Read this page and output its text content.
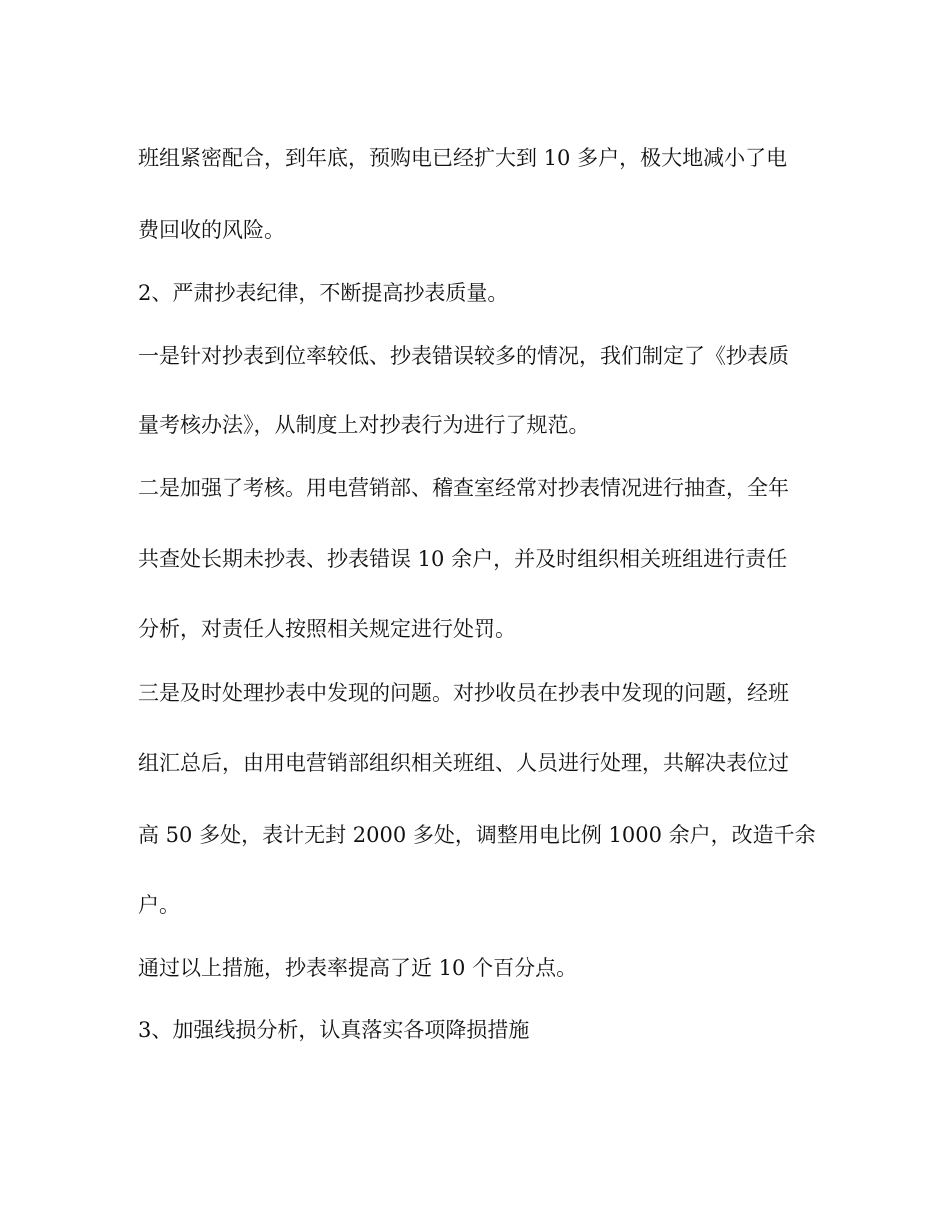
班组紧密配合，到年底，预购电已经扩大到 10 多户，极大地减小了电
费回收的风险。
2、严肃抄表纪律，不断提高抄表质量。
一是针对抄表到位率较低、抄表错误较多的情况，我们制定了《抄表质
量考核办法》，从制度上对抄表行为进行了规范。
二是加强了考核。用电营销部、稽查室经常对抄表情况进行抽查，全年
共查处长期未抄表、抄表错误 10 余户，并及时组织相关班组进行责任
分析，对责任人按照相关规定进行处罚。
三是及时处理抄表中发现的问题。对抄收员在抄表中发现的问题，经班
组汇总后，由用电营销部组织相关班组、人员进行处理，共解决表位过
高 50 多处，表计无封 2000 多处，调整用电比例 1000 余户，改造千余
户。
通过以上措施，抄表率提高了近 10 个百分点。
3、加强线损分析，认真落实各项降损措施
